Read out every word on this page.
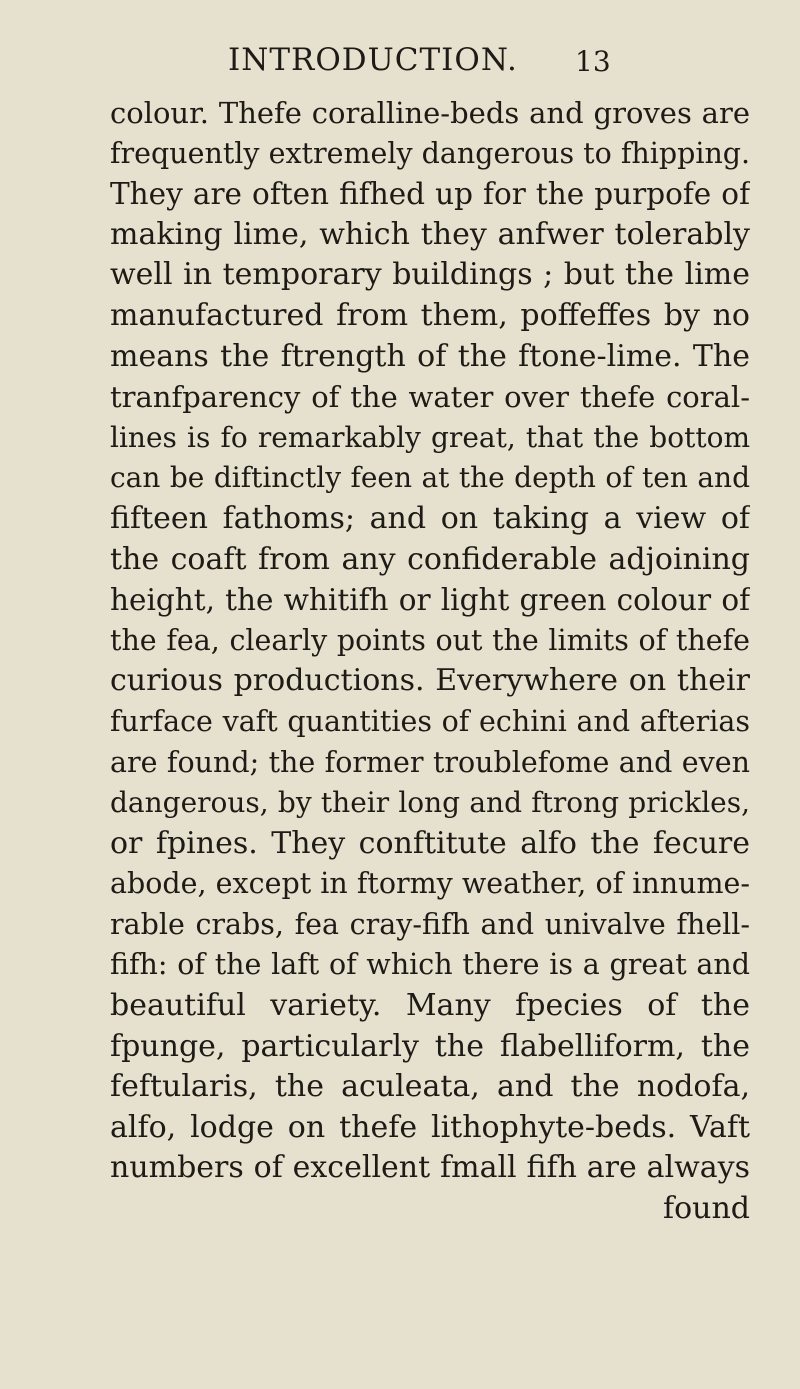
INTRODUCTION. 13
colour. Thefe coralline-beds and groves are
frequently extremely dangerous to fhipping.
They are often fifhed up for the purpofe of
making lime, which they anfwer tolerably
well in temporary buildings ; but the lime
manufactured from them, poffeffes by no
means the ftrength of the ftone-lime. The
tranfparency of the water over thefe coral-
lines is fo remarkably great, that the bottom
can be diftinctly feen at the depth of ten and
fifteen fathoms; and on taking a view of
the coaft from any confiderable adjoining
height, the whitifh or light green colour of
the fea, clearly points out the limits of thefe
curious productions. Everywhere on their
furface vaft quantities of echini and afterias
are found; the former troublefome and even
dangerous, by their long and ftrong prickles,
or fpines. They conftitute alfo the fecure
abode, except in ftormy weather, of innume-
rable crabs, fea cray-fifh and univalve fhell-
fifh: of the laft of which there is a great and
beautiful variety. Many fpecies of the
fpunge, particularly the flabelliform, the
feftularis, the aculeata, and the nodofa,
alfo, lodge on thefe lithophyte-beds. Vaft
numbers of excellent fmall fifh are always
found
